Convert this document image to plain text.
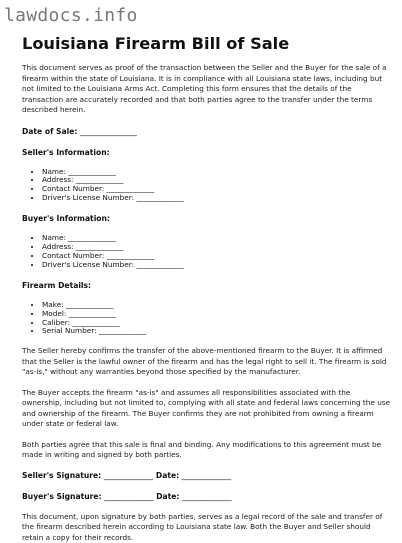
lawdocs.info
Louisiana Firearm Bill of Sale

This document serves as proof of the transaction between the Seller and the Buyer for the sale of a firearm within the state of Louisiana. It is in compliance with all Louisiana state laws, including but not limited to the Louisiana Arms Act. Completing this form ensures that the details of the transaction are accurately recorded and that both parties agree to the transfer under the terms described herein.

Date of Sale: _______________
Seller's Information:
• Name: _____________
• Address: _____________
• Contact Number: _____________
• Driver's License Number: _____________
Buyer's Information:
• Name: _____________
• Address: _____________
• Contact Number: _____________
• Driver's License Number: _____________
Firearm Details:
• Make: _____________
• Model: _____________
• Caliber: _____________
• Serial Number: _____________

The Seller hereby confirms the transfer of the above-mentioned firearm to the Buyer. It is affirmed that the Seller is the lawful owner of the firearm and has the legal right to sell it. The firearm is sold "as-is," without any warranties beyond those specified by the manufacturer.

The Buyer accepts the firearm "as-is" and assumes all responsibilities associated with the ownership, including but not limited to, complying with all state and federal laws concerning the use and ownership of the firearm. The Buyer confirms they are not prohibited from owning a firearm under state or federal law.

Both parties agree that this sale is final and binding. Any modifications to this agreement must be made in writing and signed by both parties.

Seller's Signature: _____________ Date: _____________
Buyer's Signature: _____________ Date: _____________

This document, upon signature by both parties, serves as a legal record of the sale and transfer of the firearm described herein according to Louisiana state law. Both the Buyer and Seller should retain a copy for their records.
